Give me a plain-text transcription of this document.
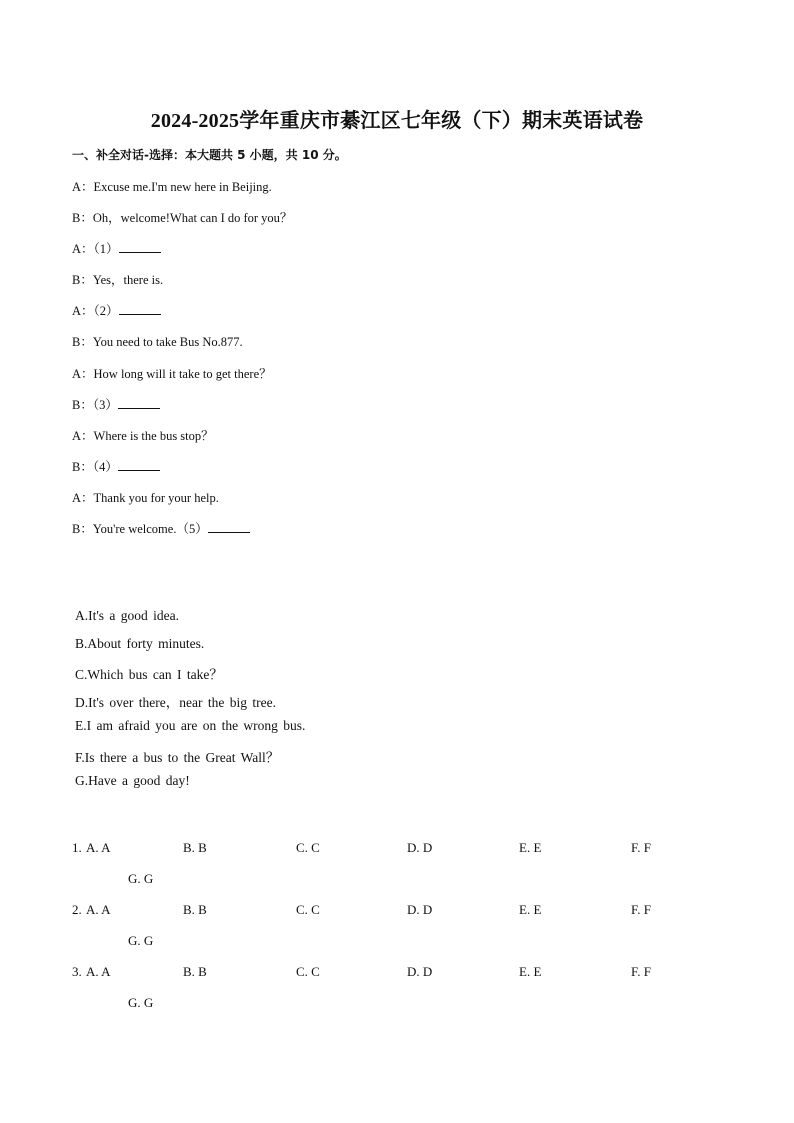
2024-2025学年重庆市綦江区七年级（下）期末英语试卷
一、补全对话-选择：本大题共 5 小题，共 10 分。
A：Excuse me.I'm new here in Beijing.
B：Oh，welcome!What can I do for you？
A：（1）
B：Yes，there is.
A：（2）
B：You need to take Bus No.877.
A：How long will it take to get there？
B：（3）
A：Where is the bus stop？
B：（4）
A：Thank you for your help.
B：You're welcome.（5）
A.It's a good idea.
B.About forty minutes.
C.Which bus can I take？
D.It's over there，near the big tree.
E.I am afraid you are on the wrong bus.
F.Is there a bus to the Great Wall？
G.Have a good day!
1. A. A	B. B	C. C	D. D	E. E	F. F
G. G
2. A. A	B. B	C. C	D. D	E. E	F. F
G. G
3. A. A	B. B	C. C	D. D	E. E	F. F
G. G
